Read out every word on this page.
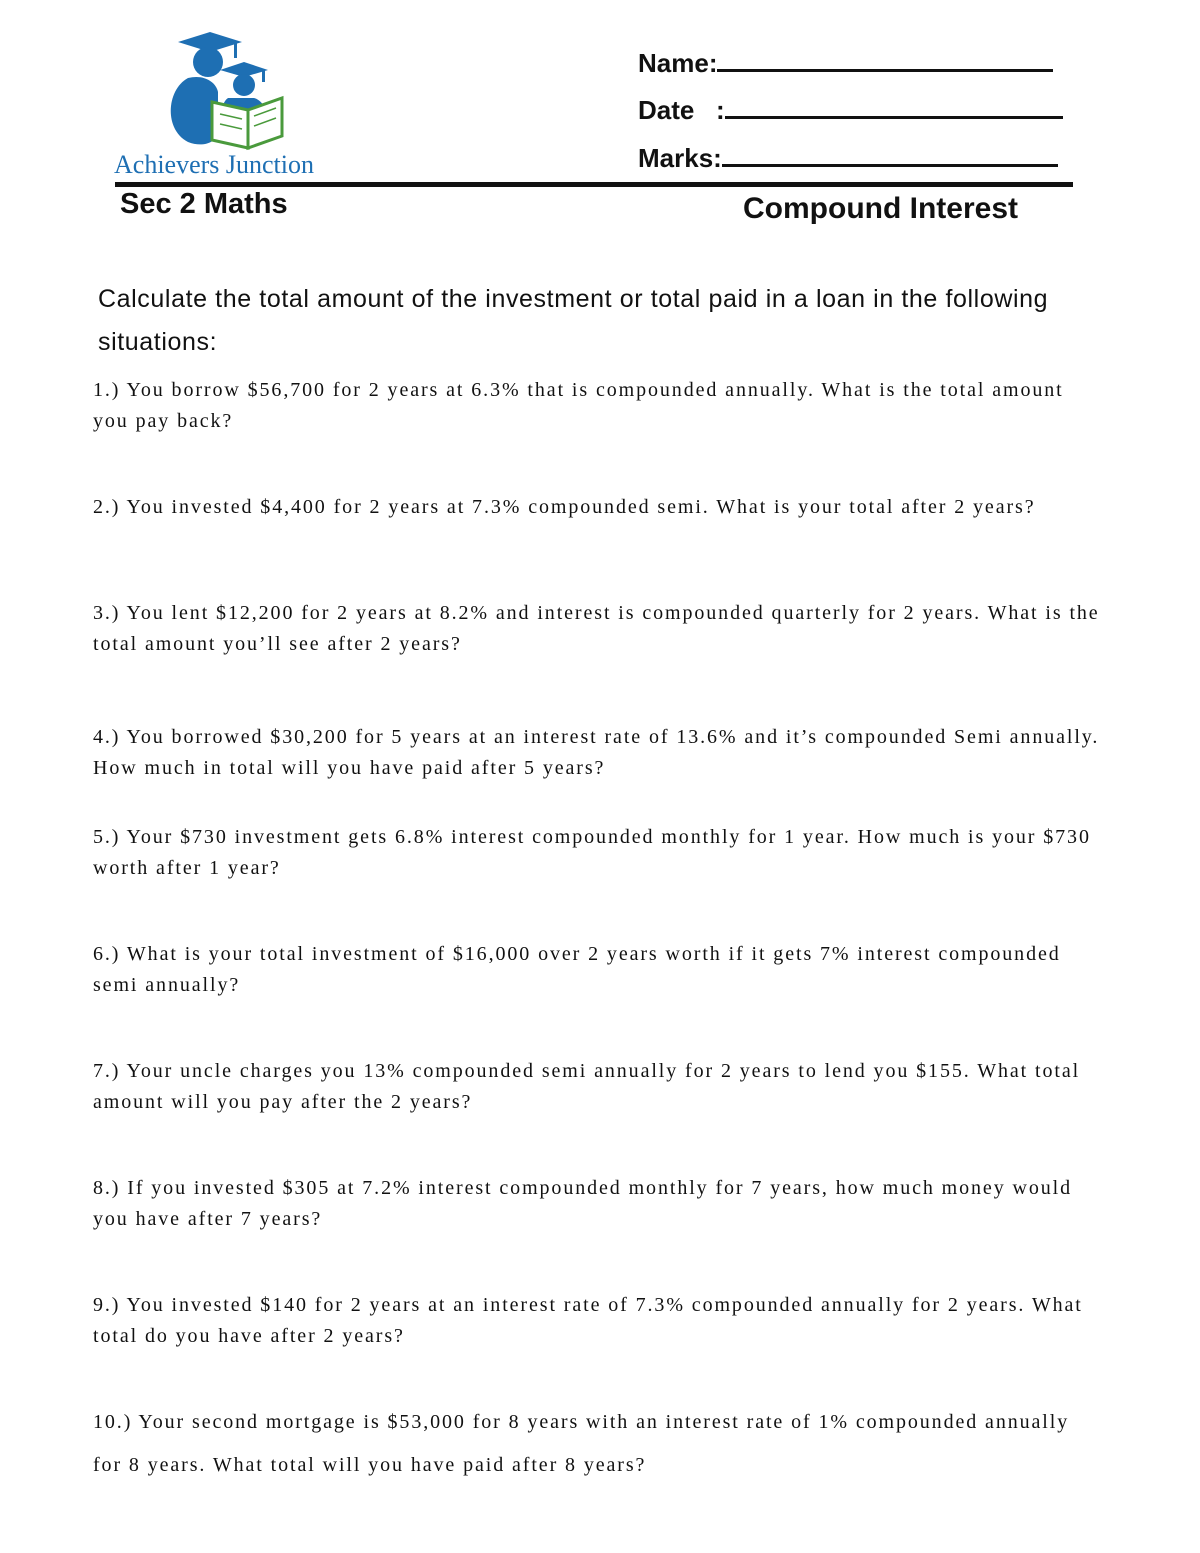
Achievers Junction
Name:
Date   :
Marks:
Sec 2 Maths	Compound Interest

Calculate the total amount of the investment or total paid in a loan in the following situations:

1.) You borrow $56,700 for 2 years at 6.3% that is compounded annually. What is the total amount you pay back?

2.) You invested $4,400 for 2 years at 7.3% compounded semi. What is your total after 2 years?

3.) You lent $12,200 for 2 years at 8.2% and interest is compounded quarterly for 2 years. What is the total amount you’ll see after 2 years?

4.) You borrowed $30,200 for 5 years at an interest rate of 13.6% and it’s compounded Semi annually. How much in total will you have paid after 5 years?

5.) Your $730 investment gets 6.8% interest compounded monthly for 1 year. How much is your $730 worth after 1 year?

6.) What is your total investment of $16,000 over 2 years worth if it gets 7% interest compounded semi annually?

7.) Your uncle charges you 13% compounded semi annually for 2 years to lend you $155. What total amount will you pay after the 2 years?

8.) If you invested $305 at 7.2% interest compounded monthly for 7 years, how much money would you have after 7 years?

9.) You invested $140 for 2 years at an interest rate of 7.3% compounded annually for 2 years. What total do you have after 2 years?

10.) Your second mortgage is $53,000 for 8 years with an interest rate of 1% compounded annually for 8 years. What total will you have paid after 8 years?
